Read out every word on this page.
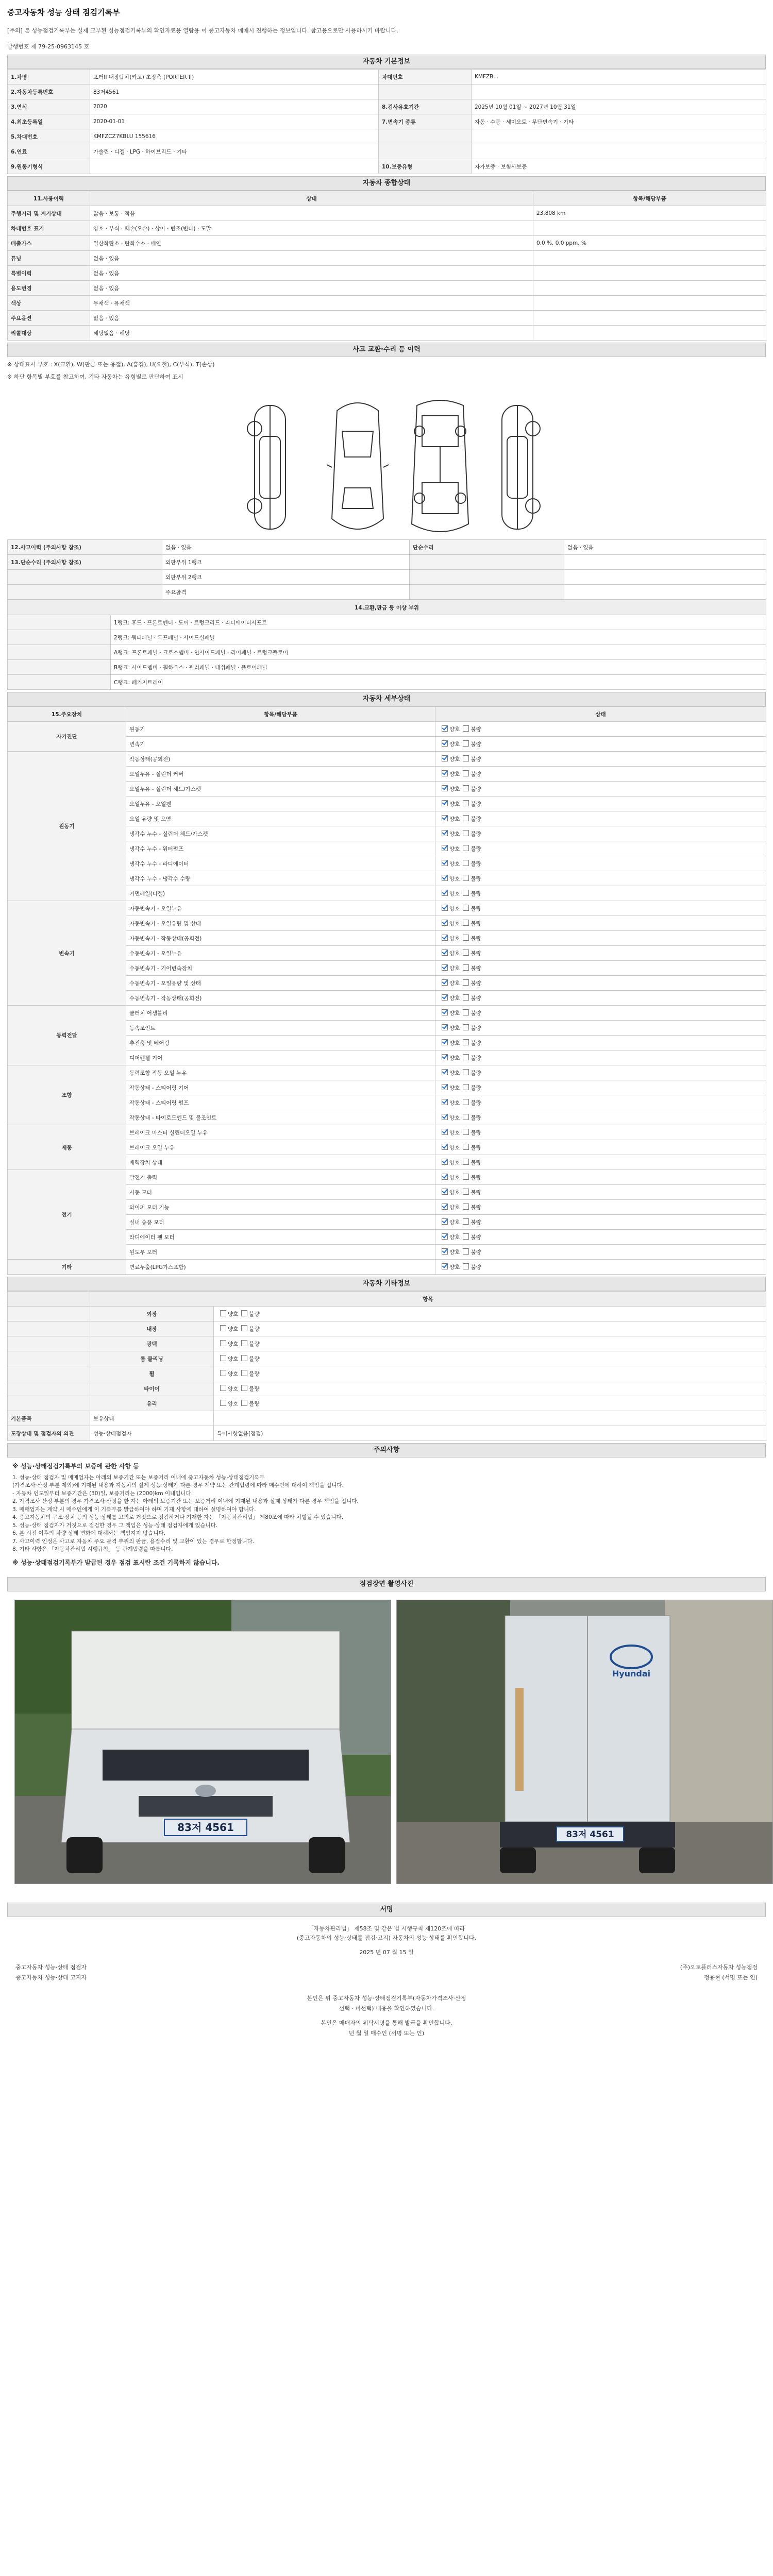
중고자동차 성능 상태 점검기록부
[주의] 본 성능점검기록부는 실제 교부된 성능점검기록부의 확인자료용 열람용 이 중고자동차 매매시 진행하는 정보입니다. 참고용으로만 사용하시기 바랍니다.
발행번호 제 79-25-0963145 호
자동차 기본정보
1.차명	포터II 내장탑차(카고) 초장축 (PORTER II)	차대번호	KMFZB...
2.자동차등록번호	83저4561		
3.연식	2020	8.검사유효기간	2025년 10월 01일 ~ 2027년 10월 31일
4.최초등록일	2020-01-01	7.변속기 종류	자동 · 수동 · 세미오토 · 무단변속기 · 기타
5.차대번호	KMFZCZ7KBLU 155616		
6.연료	가솔린 · 디젤 · LPG · 하이브리드 · 기타		
9.원동기형식		10.보증유형	자가보증 · 보험사보증
자동차 종합상태
11.사용이력	상태	항목/해당부품
주행거리 및 계기상태	많음 · 보통 · 적음	23,808 km
차대번호 표기	양호 · 부식 · 훼손(오손) · 상이 · 변조(변타) · 도말	
배출가스	일산화탄소 · 탄화수소 · 매연	0.0 %, 0.0 ppm, %
튜닝	없음 · 있음	
특별이력	없음 · 있음	
용도변경	없음 · 있음	
색상	무채색 · 유채색	
주요옵션	없음 · 있음	
리콜대상	해당없음 · 해당	
사고 교환·수리 등 이력
※ 상태표시 부호 : X(교환), W(판금 또는 용접), A(흠집), U(요철), C(부식), T(손상)
※ 하단 항목별 부호를 참고하여, 기타 자동차는 유형별로 판단하여 표시
12.사고이력 (주의사항 참조)	없음 · 있음	단순수리	없음 · 있음
13.단순수리 (주의사항 참조)	외판부위 1랭크		
	외판부위 2랭크		
	주요골격		
14.교환,판금 등 이상 부위	
	1랭크: 후드 · 프론트펜더 · 도어 · 트렁크리드 · 라디에이터서포트
	2랭크: 쿼터패널 · 루프패널 · 사이드실패널
	A랭크: 프론트패널 · 크로스멤버 · 인사이드패널 · 리어패널 · 트렁크플로어
	B랭크: 사이드멤버 · 휠하우스 · 필러패널 · 대쉬패널 · 플로어패널
	C랭크: 패키지트레이
자동차 세부상태
15.주요장치	항목/해당부품	상태
자기진단	원동기	양호 불량
	변속기	양호 불량
원동기	작동상태(공회전)	양호 불량
	오일누유 - 실린더 커버	양호 불량
	오일누유 - 실린더 헤드/가스켓	양호 불량
	오일누유 - 오일팬	양호 불량
	오일 유량 및 오염	양호 불량
	냉각수 누수 - 실린더 헤드/가스켓	양호 불량
	냉각수 누수 - 워터펌프	양호 불량
	냉각수 누수 - 라디에이터	양호 불량
	냉각수 누수 - 냉각수 수량	양호 불량
	커먼레일(디젤)	양호 불량
변속기	자동변속기 - 오일누유	양호 불량
	자동변속기 - 오일유량 및 상태	양호 불량
	자동변속기 - 작동상태(공회전)	양호 불량
	수동변속기 - 오일누유	양호 불량
	수동변속기 - 기어변속장치	양호 불량
	수동변속기 - 오일유량 및 상태	양호 불량
	수동변속기 - 작동상태(공회전)	양호 불량
동력전달	클러치 어셈블리	양호 불량
	등속조인트	양호 불량
	추진축 및 베어링	양호 불량
	디퍼렌셜 기어	양호 불량
조향	동력조향 작동 오일 누유	양호 불량
	작동상태 - 스티어링 기어	양호 불량
	작동상태 - 스티어링 펌프	양호 불량
	작동상태 - 타이로드엔드 및 볼조인트	양호 불량
제동	브레이크 마스터 실린더오일 누유	양호 불량
	브레이크 오일 누유	양호 불량
	배력장치 상태	양호 불량
전기	발전기 출력	양호 불량
	시동 모터	양호 불량
	와이퍼 모터 기능	양호 불량
	실내 송풍 모터	양호 불량
	라디에이터 팬 모터	양호 불량
	윈도우 모터	양호 불량
기타	연료누출(LPG가스포함)	양호 불량
자동차 기타정보
	항목	
	외장	양호 불량
	내장	양호 불량
	광택	양호 불량
	룸 클리닝	양호 불량
	휠	양호 불량
	타이어	양호 불량
	유리	양호 불량
기본품목	보유상태	
도장상태 및 점검자의 의견	성능·상태점검자	특이사항없음(점검)
주의사항
※ 성능·상태점검기록부의 보증에 관한 사항 등
1. 성능·상태 점검자 및 매매업자는 아래의 보증기간 또는 보증거리 이내에 중고자동차 성능·상태점검기록부
(가격조사·산정 부분 제외)에 기재된 내용과 자동차의 실제 성능·상태가 다른 경우 계약 또는 관계법령에 따라 매수인에 대하여 책임을 집니다.
- 자동차 인도일부터 보증기간은 (30)일, 보증거리는 (2000)km 이내입니다.
2. 가격조사·산정 부분의 경우 가격조사·산정을 한 자는 아래의 보증기간 또는 보증거리 이내에 기재된 내용과 실제 상태가 다른 경우 책임을 집니다.
3. 매매업자는 계약 시 매수인에게 이 기록부를 발급하여야 하며 기재 사항에 대하여 설명하여야 합니다.
4. 중고자동차의 구조·장치 등의 성능·상태를 고의로 거짓으로 점검하거나 기재한 자는 「자동차관리법」 제80조에 따라 처벌될 수 있습니다.
5. 성능·상태 점검자가 거짓으로 점검한 경우 그 책임은 성능·상태 점검자에게 있습니다.
6. 본 시점 이후의 차량 상태 변화에 대해서는 책임지지 않습니다.
7. 사고이력 인정은 사고로 자동차 주요 골격 부위의 판금, 용접수리 및 교환이 있는 경우로 한정합니다.
8. 기타 사항은 「자동차관리법 시행규칙」 등 관계법령을 따릅니다.
※ 성능·상태점검기록부가 발급된 경우 점검 표시란 조건 기록하지 않습니다.
점검장면 촬영사진
83저 4561
Hyundai
83저 4561
서명
「자동차관리법」 제58조 및 같은 법 시행규칙 제120조에 따라
(중고자동차의 성능·상태를 점검·고지) 자동차의 성능·상태를 확인합니다.
2025 년 07 월 15 일
중고자동차 성능·상태 점검자
중고자동차 성능·상태 고지자
(주)오토플러스자동차 성능점검
정용현 (서명 또는 인)
본인은 위 중고자동차 성능·상태점검기록부(자동차가격조사·산정
선택 · 미선택) 내용을 확인하였습니다.
본인은 매매자의 위탁서명을 통해 발급을 확인합니다.
년 월 일 매수인 (서명 또는 인)
